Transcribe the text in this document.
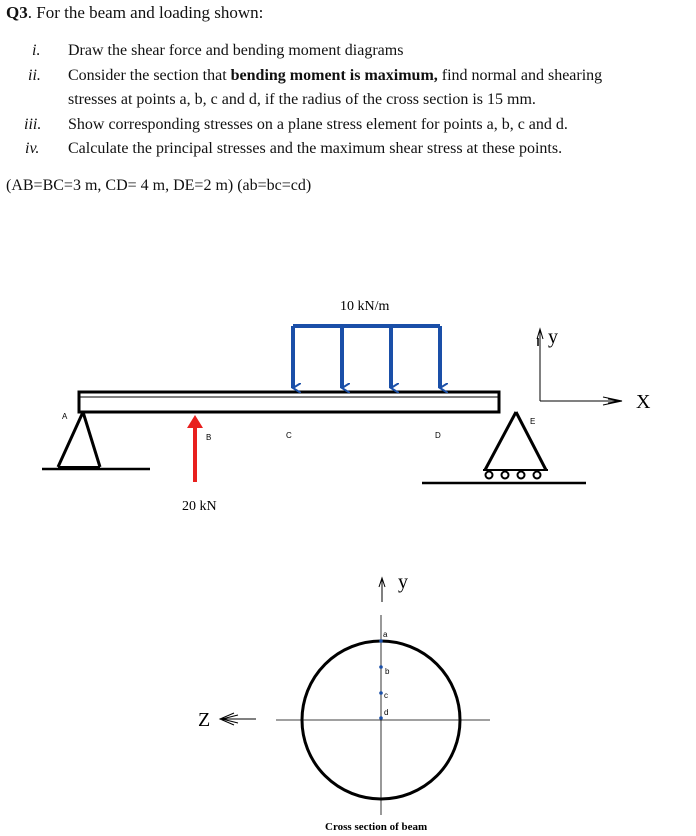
Q3. For the beam and loading shown:
i. Draw the shear force and bending moment diagrams
ii. Consider the section that bending moment is maximum, find normal and shearing
stresses at points a, b, c and d, if the radius of the cross section is 15 mm.
iii. Show corresponding stresses on a plane stress element for points a, b, c and d.
iv. Calculate the principal stresses and the maximum shear stress at these points.
(AB=BC=3 m, CD= 4 m, DE=2 m) (ab=bc=cd)
A
B	C	D
E
10 kN/m
20 kN
y
X
a
b
c
d
y
Z
Cross section of beam
